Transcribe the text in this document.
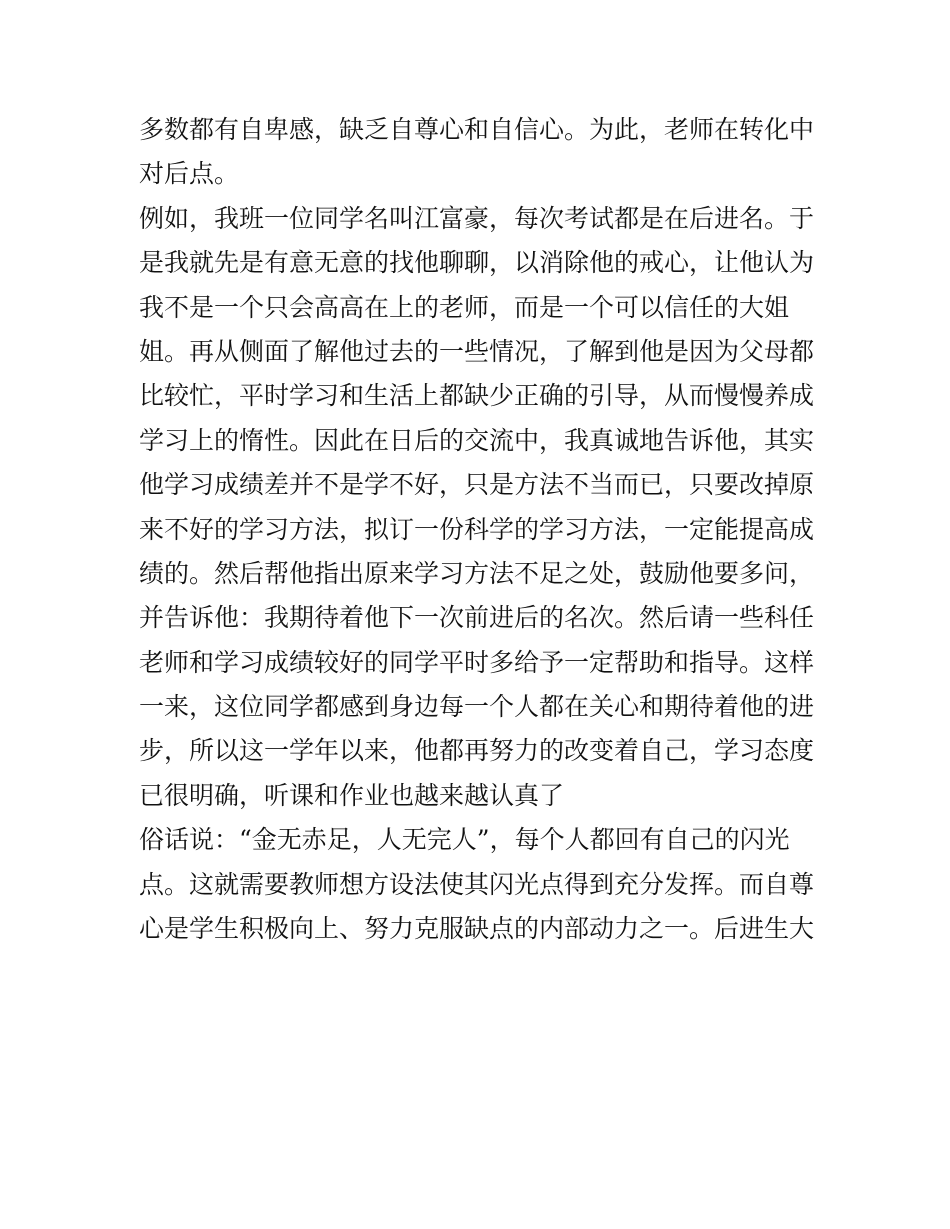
多数都有自卑感，缺乏自尊心和自信心。为此，老师在转化中
对后点。
例如，我班一位同学名叫江富豪，每次考试都是在后进名。于
是我就先是有意无意的找他聊聊，以消除他的戒心，让他认为
我不是一个只会高高在上的老师，而是一个可以信任的大姐
姐。再从侧面了解他过去的一些情况，了解到他是因为父母都
比较忙，平时学习和生活上都缺少正确的引导，从而慢慢养成
学习上的惰性。因此在日后的交流中，我真诚地告诉他，其实
他学习成绩差并不是学不好，只是方法不当而已，只要改掉原
来不好的学习方法，拟订一份科学的学习方法，一定能提高成
绩的。然后帮他指出原来学习方法不足之处，鼓励他要多问，
并告诉他：我期待着他下一次前进后的名次。然后请一些科任
老师和学习成绩较好的同学平时多给予一定帮助和指导。这样
一来，这位同学都感到身边每一个人都在关心和期待着他的进
步，所以这一学年以来，他都再努力的改变着自己，学习态度
已很明确，听课和作业也越来越认真了
俗话说：“金无赤足，人无完人”，每个人都回有自己的闪光
点。这就需要教师想方设法使其闪光点得到充分发挥。而自尊
心是学生积极向上、努力克服缺点的内部动力之一。后进生大
